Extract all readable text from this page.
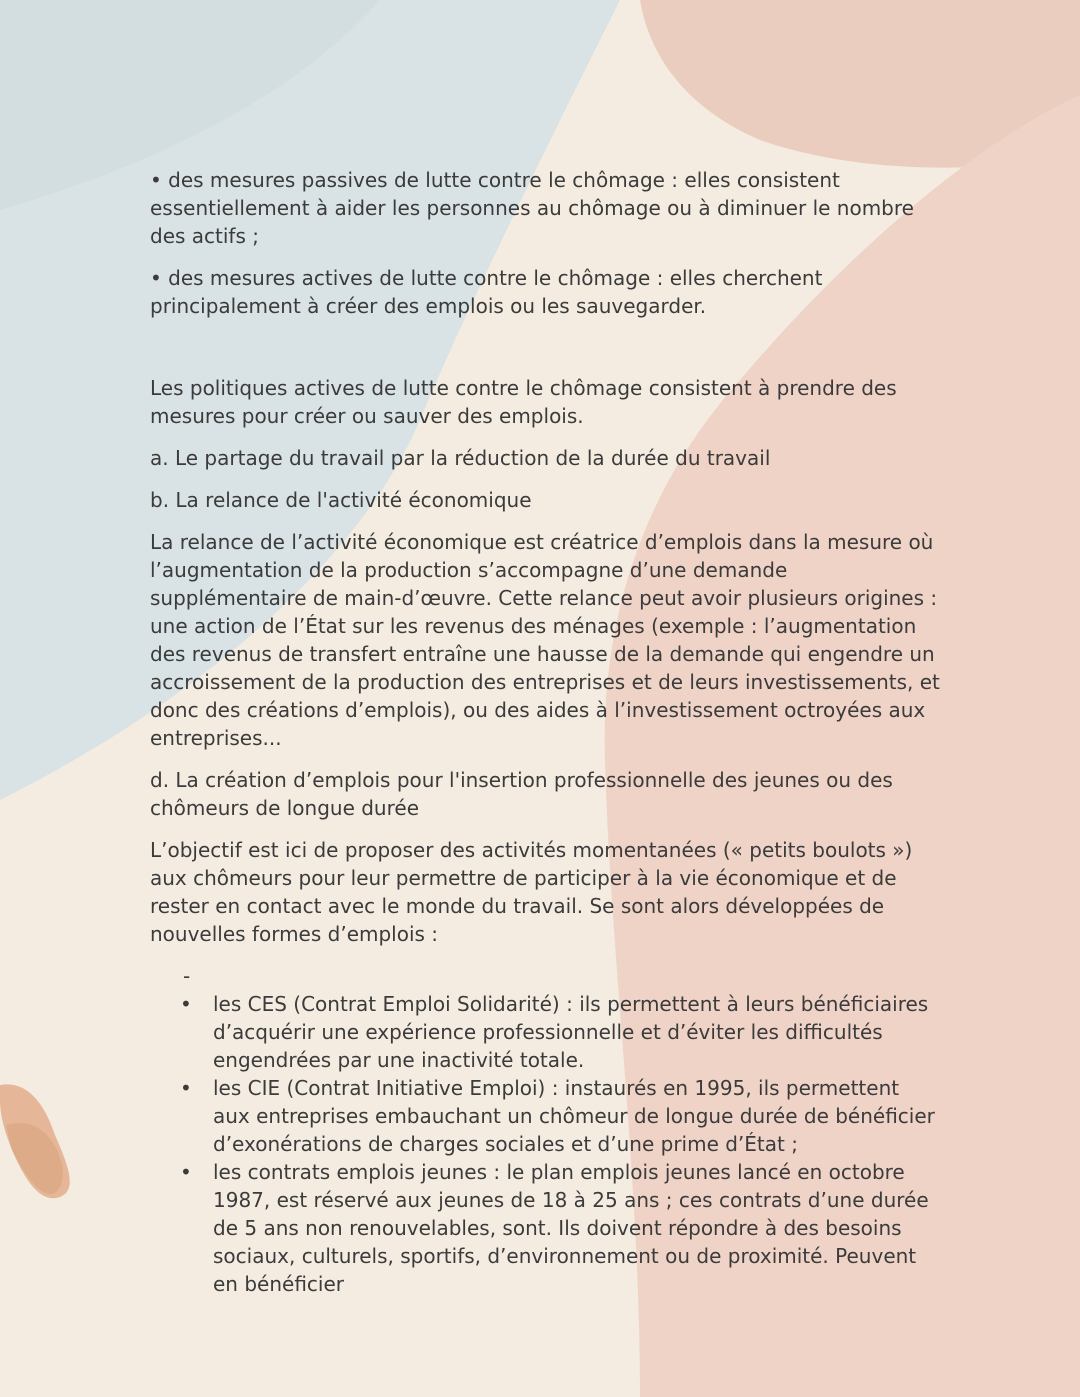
• des mesures passives de lutte contre le chômage : elles consistent essentiellement à aider les personnes au chômage ou à diminuer le nombre des actifs ;

• des mesures actives de lutte contre le chômage : elles cherchent principalement à créer des emplois ou les sauvegarder.

Les politiques actives de lutte contre le chômage consistent à prendre des mesures pour créer ou sauver des emplois.

a. Le partage du travail par la réduction de la durée du travail

b. La relance de l'activité économique

La relance de l’activité économique est créatrice d’emplois dans la mesure où l’augmentation de la production s’accompagne d’une demande supplémentaire de main-d’œuvre. Cette relance peut avoir plusieurs origines : une action de l’État sur les revenus des ménages (exemple : l’augmentation des revenus de transfert entraîne une hausse de la demande qui engendre un accroissement de la production des entreprises et de leurs investissements, et donc des créations d’emplois), ou des aides à l’investissement octroyées aux entreprises...

d. La création d’emplois pour l'insertion professionnelle des jeunes ou des chômeurs de longue durée

L’objectif est ici de proposer des activités momentanées (« petits boulots ») aux chômeurs pour leur permettre de participer à la vie économique et de rester en contact avec le monde du travail. Se sont alors développées de nouvelles formes d’emplois :

-
• les CES (Contrat Emploi Solidarité) : ils permettent à leurs bénéficiaires d’acquérir une expérience professionnelle et d’éviter les difficultés engendrées par une inactivité totale.
• les CIE (Contrat Initiative Emploi) : instaurés en 1995, ils permettent aux entreprises embauchant un chômeur de longue durée de bénéficier d’exonérations de charges sociales et d’une prime d’État ;
• les contrats emplois jeunes : le plan emplois jeunes lancé en octobre 1987, est réservé aux jeunes de 18 à 25 ans ; ces contrats d’une durée de 5 ans non renouvelables, sont. Ils doivent répondre à des besoins sociaux, culturels, sportifs, d’environnement ou de proximité. Peuvent en bénéficier
